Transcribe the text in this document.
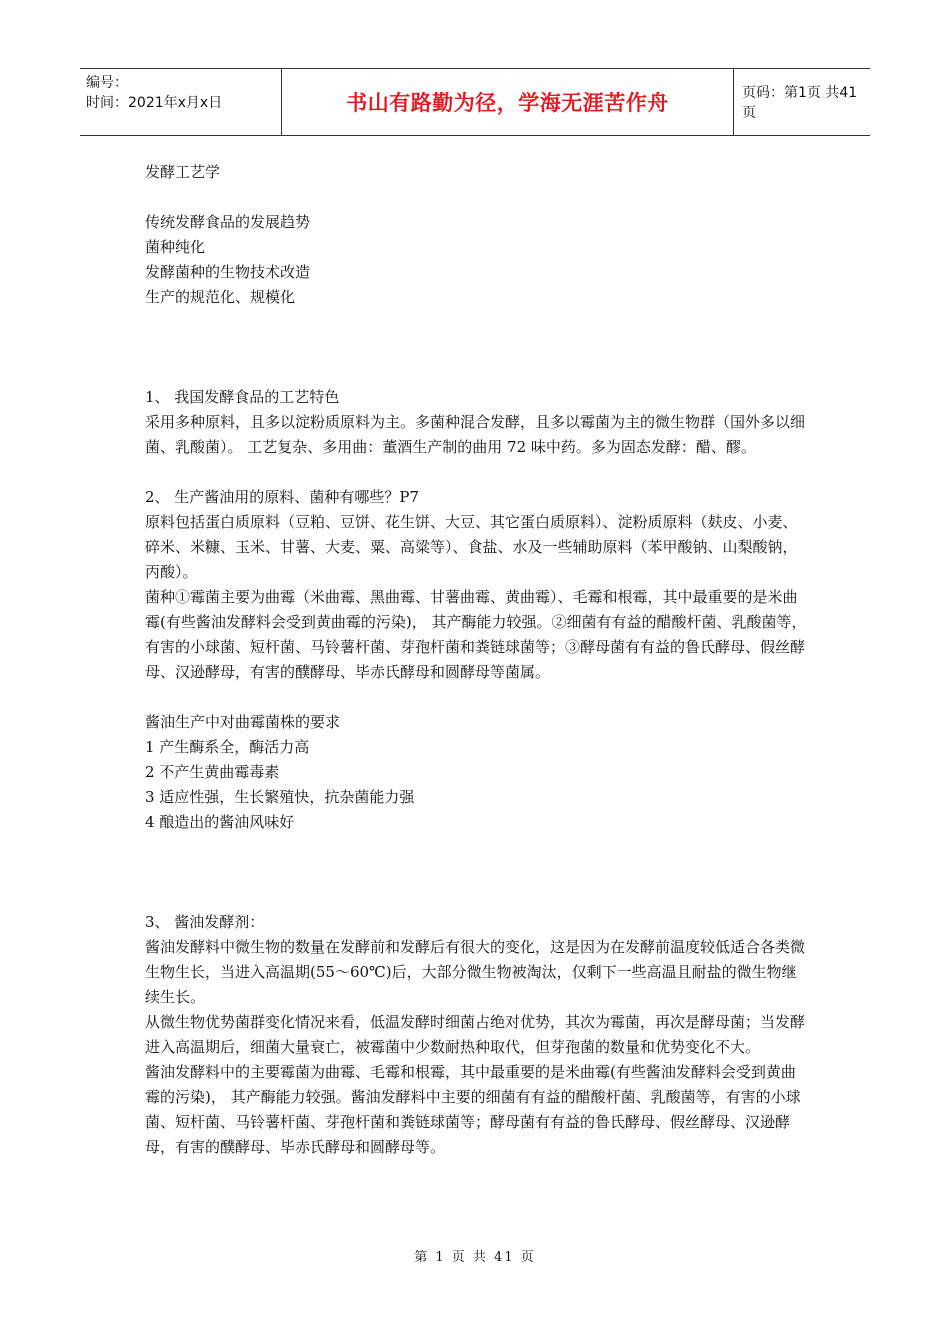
编号：
时间：2021年x月x日	书山有路勤为径，学海无涯苦作舟	页码：第1页 共41页

发酵工艺学

传统发酵食品的发展趋势

菌种纯化

发酵菌种的生物技术改造

生产的规范化、规模化

1、 我国发酵食品的工艺特色

采用多种原料，且多以淀粉质原料为主。多菌种混合发酵，且多以霉菌为主的微生物群（国外多以细菌、乳酸菌）。 工艺复杂、多用曲：董酒生产制的曲用 72 味中药。多为固态发酵：醋、醪。

2、 生产酱油用的原料、菌种有哪些？P7

原料包括蛋白质原料（豆粕、豆饼、花生饼、大豆、其它蛋白质原料）、淀粉质原料（麸皮、小麦、碎米、米糠、玉米、甘薯、大麦、粟、高粱等）、食盐、水及一些辅助原料（苯甲酸钠、山梨酸钠，丙酸）。

菌种①霉菌主要为曲霉（米曲霉、黑曲霉、甘薯曲霉、黄曲霉）、毛霉和根霉，其中最重要的是米曲霉(有些酱油发酵料会受到黄曲霉的污染)， 其产酶能力较强。②细菌有有益的醋酸杆菌、乳酸菌等，有害的小球菌、短杆菌、马铃薯杆菌、芽孢杆菌和粪链球菌等；③酵母菌有有益的鲁氏酵母、假丝酵母、汉逊酵母，有害的醭酵母、毕赤氏酵母和圆酵母等菌属。

酱油生产中对曲霉菌株的要求

1 产生酶系全，酶活力高

2 不产生黄曲霉毒素

3 适应性强，生长繁殖快，抗杂菌能力强

4 酿造出的酱油风味好

3、 酱油发酵剂：

酱油发酵料中微生物的数量在发酵前和发酵后有很大的变化，这是因为在发酵前温度较低适合各类微生物生长，当进入高温期(55～60℃)后，大部分微生物被淘汰，仅剩下一些高温且耐盐的微生物继续生长。

从微生物优势菌群变化情况来看，低温发酵时细菌占绝对优势，其次为霉菌，再次是酵母菌；当发酵进入高温期后，细菌大量衰亡，被霉菌中少数耐热种取代，但芽孢菌的数量和优势变化不大。

酱油发酵料中的主要霉菌为曲霉、毛霉和根霉，其中最重要的是米曲霉(有些酱油发酵料会受到黄曲霉的污染)， 其产酶能力较强。酱油发酵料中主要的细菌有有益的醋酸杆菌、乳酸菌等，有害的小球菌、短杆菌、马铃薯杆菌、芽孢杆菌和粪链球菌等；酵母菌有有益的鲁氏酵母、假丝酵母、汉逊酵母，有害的醭酵母、毕赤氏酵母和圆酵母等。

第 1 页 共 41 页
